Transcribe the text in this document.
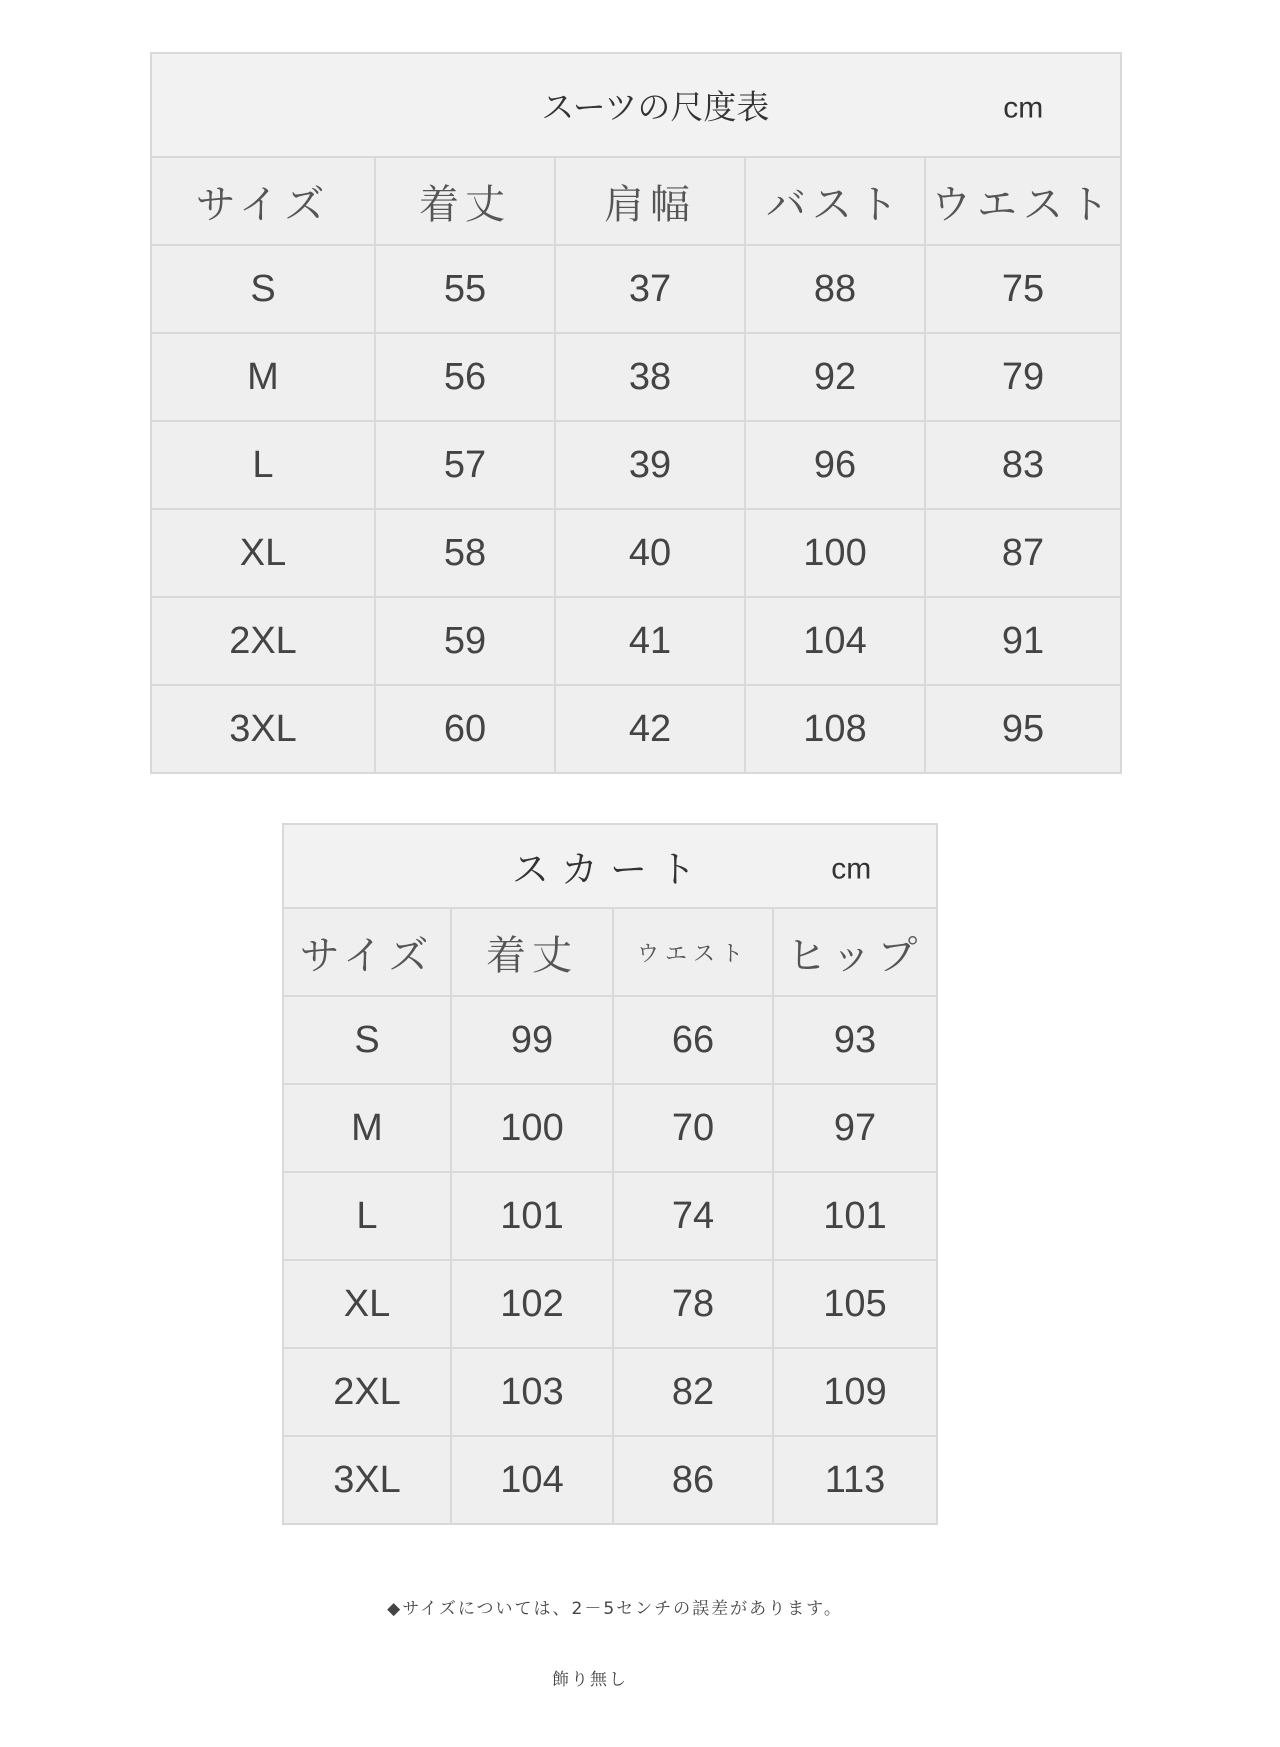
スーツの尺度表 cm				

サイズ	着丈	肩幅	バスト	ウエスト
S	55	37	88	75
M	56	38	92	79
L	57	39	96	83
XL	58	40	100	87
2XL	59	41	104	91
3XL	60	42	108	95
スカート cm			

サイズ	着丈	ウエスト	ヒップ
S	99	66	93
M	100	70	97
L	101	74	101
XL	102	78	105
2XL	103	82	109
3XL	104	86	113
◆サイズについては、2－5センチの誤差があります。
飾り無し
